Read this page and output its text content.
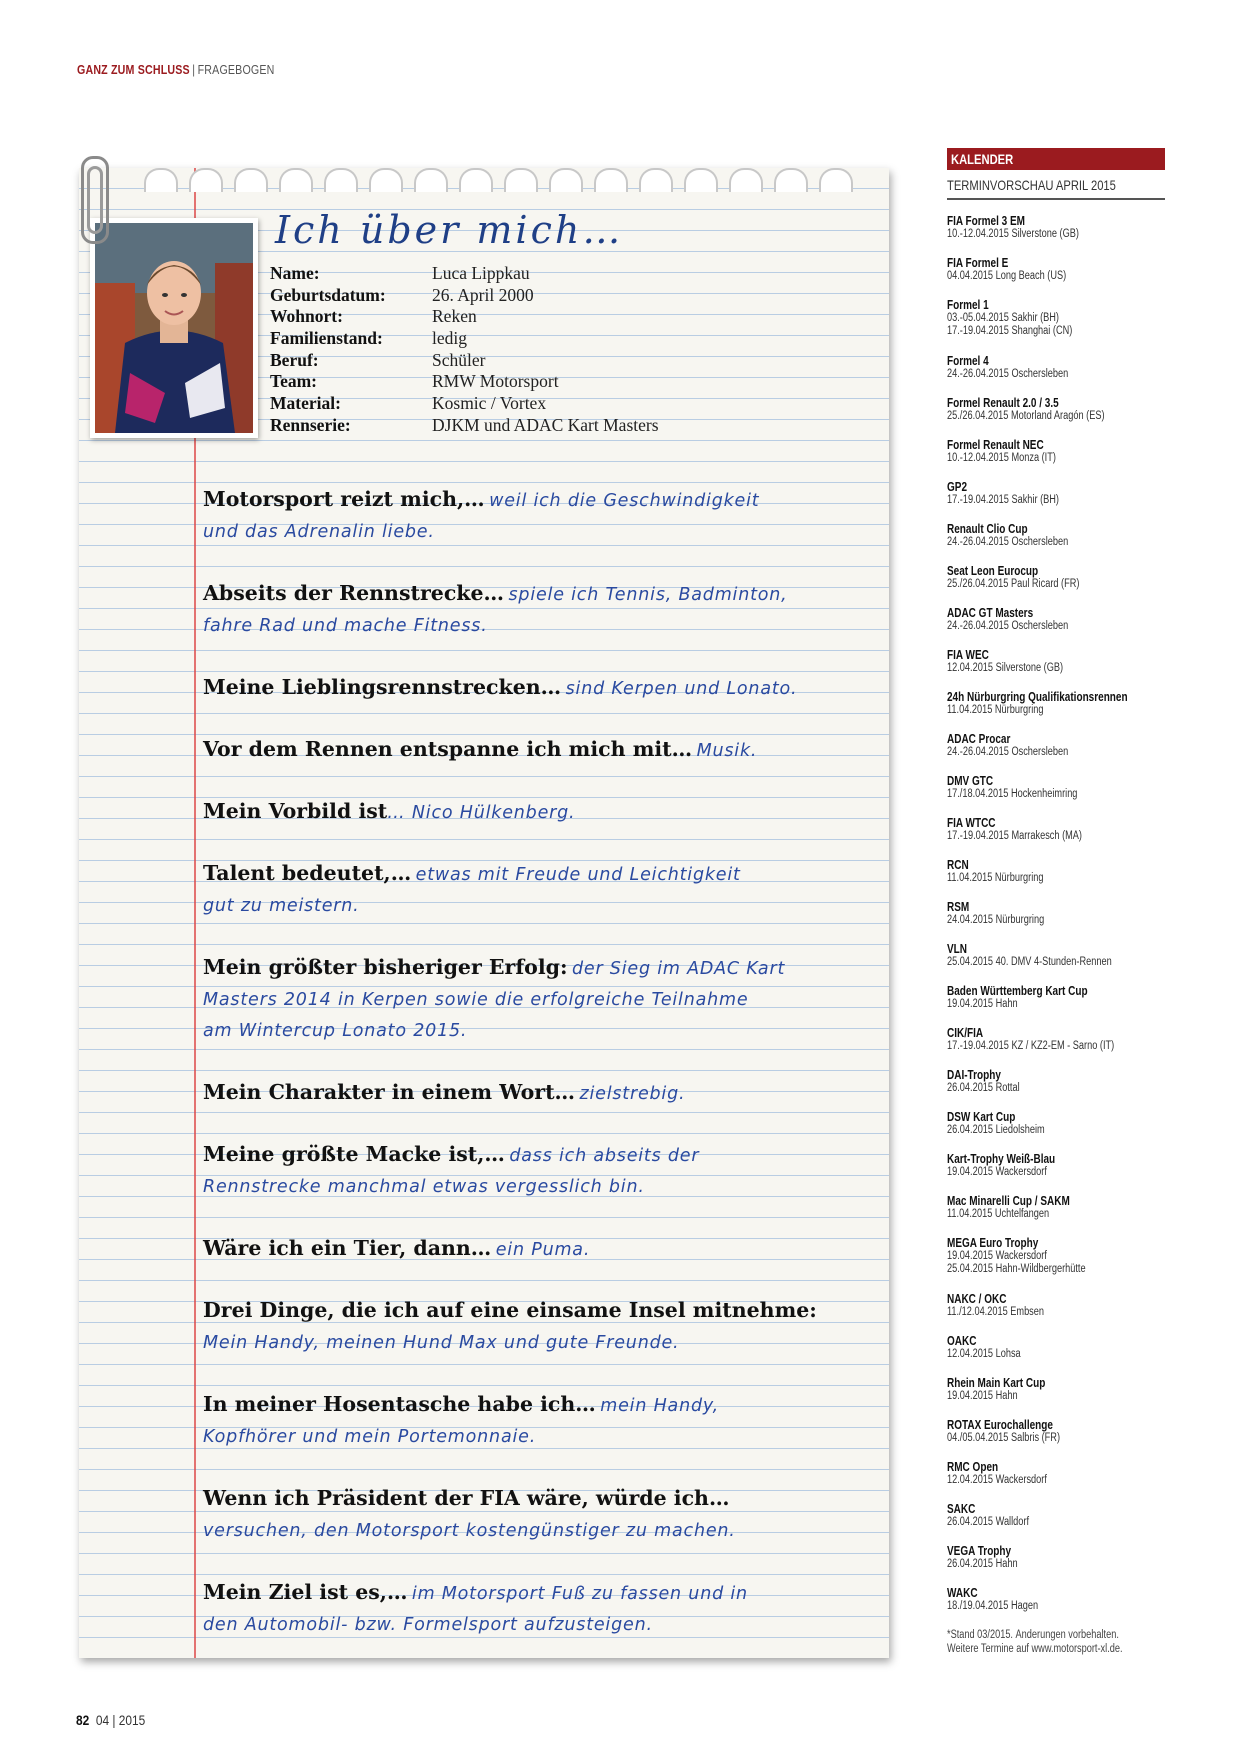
GANZ ZUM SCHLUSS | FRAGEBOGEN
Ich über mich…
Name:	Luca Lippkau
Geburtsdatum:	26. April 2000
Wohnort:	Reken
Familienstand:	ledig
Beruf:	Schüler
Team:	RMW Motorsport
Material:	Kosmic / Vortex
Rennserie:	DJKM und ADAC Kart Masters
Motorsport reizt mich,… weil ich die Geschwindigkeit
und das Adrenalin liebe.
Abseits der Rennstrecke… spiele ich Tennis, Badminton,
fahre Rad und mache Fitness.
Meine Lieblingsrennstrecken… sind Kerpen und Lonato.
Vor dem Rennen entspanne ich mich mit… Musik.
Mein Vorbild ist… Nico Hülkenberg.
Talent bedeutet,… etwas mit Freude und Leichtigkeit
gut zu meistern.
Mein größter bisheriger Erfolg: der Sieg im ADAC Kart
Masters 2014 in Kerpen sowie die erfolgreiche Teilnahme
am Wintercup Lonato 2015.
Mein Charakter in einem Wort… zielstrebig.
Meine größte Macke ist,… dass ich abseits der
Rennstrecke manchmal etwas vergesslich bin.
Wäre ich ein Tier, dann… ein Puma.
Drei Dinge, die ich auf eine einsame Insel mitnehme:
Mein Handy, meinen Hund Max und gute Freunde.
In meiner Hosentasche habe ich… mein Handy,
Kopfhörer und mein Portemonnaie.
Wenn ich Präsident der FIA wäre, würde ich…
versuchen, den Motorsport kostengünstiger zu machen.
Mein Ziel ist es,… im Motorsport Fuß zu fassen und in
den Automobil- bzw. Formelsport aufzusteigen.
82 04 | 2015
KALENDER
TERMINVORSCHAU APRIL 2015
FIA Formel 3 EM
10.-12.04.2015 Silverstone (GB)
FIA Formel E
04.04.2015 Long Beach (US)
Formel 1
03.-05.04.2015 Sakhir (BH)
17.-19.04.2015 Shanghai (CN)
Formel 4
24.-26.04.2015 Oschersleben
Formel Renault 2.0 / 3.5
25./26.04.2015 Motorland Aragón (ES)
Formel Renault NEC
10.-12.04.2015 Monza (IT)
GP2
17.-19.04.2015 Sakhir (BH)
Renault Clio Cup
24.-26.04.2015 Oschersleben
Seat Leon Eurocup
25./26.04.2015 Paul Ricard (FR)
ADAC GT Masters
24.-26.04.2015 Oschersleben
FIA WEC
12.04.2015 Silverstone (GB)
24h Nürburgring Qualifikationsrennen
11.04.2015 Nürburgring
ADAC Procar
24.-26.04.2015 Oschersleben
DMV GTC
17./18.04.2015 Hockenheimring
FIA WTCC
17.-19.04.2015 Marrakesch (MA)
RCN
11.04.2015 Nürburgring
RSM
24.04.2015 Nürburgring
VLN
25.04.2015 40. DMV 4-Stunden-Rennen
Baden Württemberg Kart Cup
19.04.2015 Hahn
CIK/FIA
17.-19.04.2015 KZ / KZ2-EM - Sarno (IT)
DAI-Trophy
26.04.2015 Rottal
DSW Kart Cup
26.04.2015 Liedolsheim
Kart-Trophy Weiß-Blau
19.04.2015 Wackersdorf
Mac Minarelli Cup / SAKM
11.04.2015 Uchtelfangen
MEGA Euro Trophy
19.04.2015 Wackersdorf
25.04.2015 Hahn-Wildbergerhütte
NAKC / OKC
11./12.04.2015 Embsen
OAKC
12.04.2015 Lohsa
Rhein Main Kart Cup
19.04.2015 Hahn
ROTAX Eurochallenge
04./05.04.2015 Salbris (FR)
RMC Open
12.04.2015 Wackersdorf
SAKC
26.04.2015 Walldorf
VEGA Trophy
26.04.2015 Hahn
WAKC
18./19.04.2015 Hagen
*Stand 03/2015. Änderungen vorbehalten.
Weitere Termine auf www.motorsport-xl.de.
